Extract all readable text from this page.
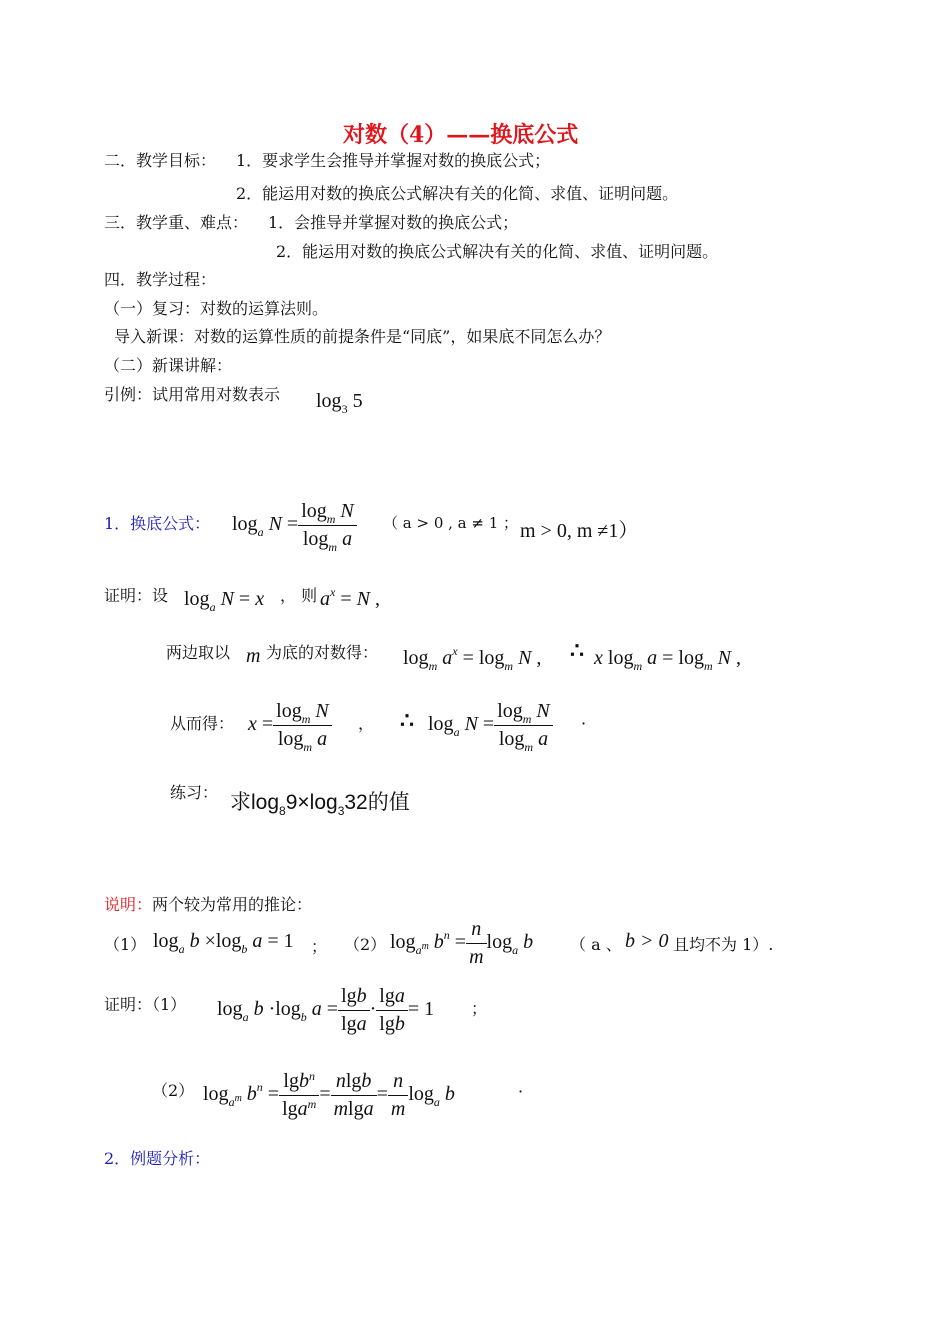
对数（4）——换底公式
二．教学目标： 1．要求学生会推导并掌握对数的换底公式；
2．能运用对数的换底公式解决有关的化简、求值、证明问题。
三．教学重、难点： 1．会推导并掌握对数的换底公式；
2．能运用对数的换底公式解决有关的化简、求值、证明问题。
四．教学过程：
（一）复习：对数的运算法则。
导入新课：对数的运算性质的前提条件是“同底”，如果底不同怎么办？
（二）新课讲解：
引例：试用常用对数表示 $\log_3 5$
1．换底公式： $\log_a N = \frac{\log_m N}{\log_m a}$ （ a > 0 , a ≠ 1 ； m > 0, m ≠1）
证明：设 $\log_a N = x$ ， 则 $a^x = N$ ,
两边取以 m 为底的对数得： $\log_m a^x = \log_m N$ , ∴ x $\log_m a = \log_m N$ ,
从而得： $x = \frac{\log_m N}{\log_m a}$ ， ∴ $\log_a N = \frac{\log_m N}{\log_m a}$ ·
练习： 求$\log_89\times\log_332$的值
说明：两个较为常用的推论：
（1） $\log_a b \times\log_b$ a = 1 ； （2） $\log_{a^m} b^n = \frac{n}{m} \log_a b$ （ a 、 b > 0 且均不为 1）.
证明：（1） $\log_a b \cdot\log_b$ $a = \frac{\lg b}{\lg a} \cdot \frac{\lg a}{\lg b} = 1$ ；
（2） $\log_{a^m} b^n = \frac{\lg b^n}{\lg a^m} = \frac{nlgb}{mlga} = \frac{n}{m} \log_a b$	·
2．例题分析：
